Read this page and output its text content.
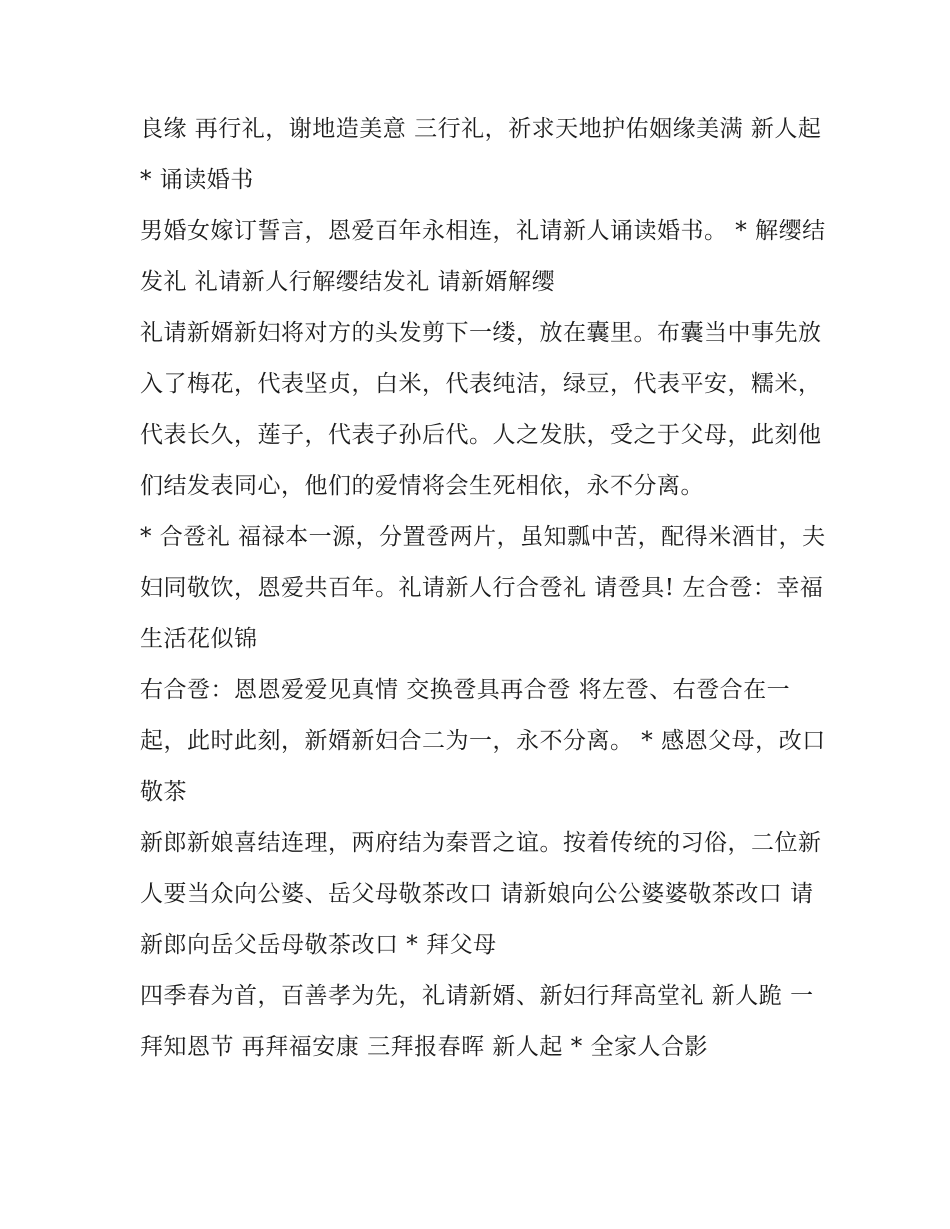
良缘 再行礼，谢地造美意 三行礼，祈求天地护佑姻缘美满 新人起 * 诵读婚书

男婚女嫁订誓言，恩爱百年永相连，礼请新人诵读婚书。 * 解缨结发礼 礼请新人行解缨结发礼 请新婿解缨

礼请新婿新妇将对方的头发剪下一缕，放在囊里。布囊当中事先放入了梅花，代表坚贞，白米，代表纯洁，绿豆，代表平安，糯米，代表长久，莲子，代表子孙后代。人之发肤，受之于父母，此刻他们结发表同心，他们的爱情将会生死相依，永不分离。

* 合卺礼 福禄本一源，分置卺两片，虽知瓢中苦，配得米酒甘，夫妇同敬饮，恩爱共百年。礼请新人行合卺礼 请卺具! 左合卺：幸福生活花似锦

右合卺：恩恩爱爱见真情 交换卺具再合卺 将左卺、右卺合在一起，此时此刻，新婿新妇合二为一，永不分离。 * 感恩父母，改口敬茶

新郎新娘喜结连理，两府结为秦晋之谊。按着传统的习俗，二位新人要当众向公婆、岳父母敬茶改口 请新娘向公公婆婆敬茶改口 请新郎向岳父岳母敬茶改口 * 拜父母

四季春为首，百善孝为先，礼请新婿、新妇行拜高堂礼 新人跪 一拜知恩节 再拜福安康 三拜报春晖 新人起 * 全家人合影
